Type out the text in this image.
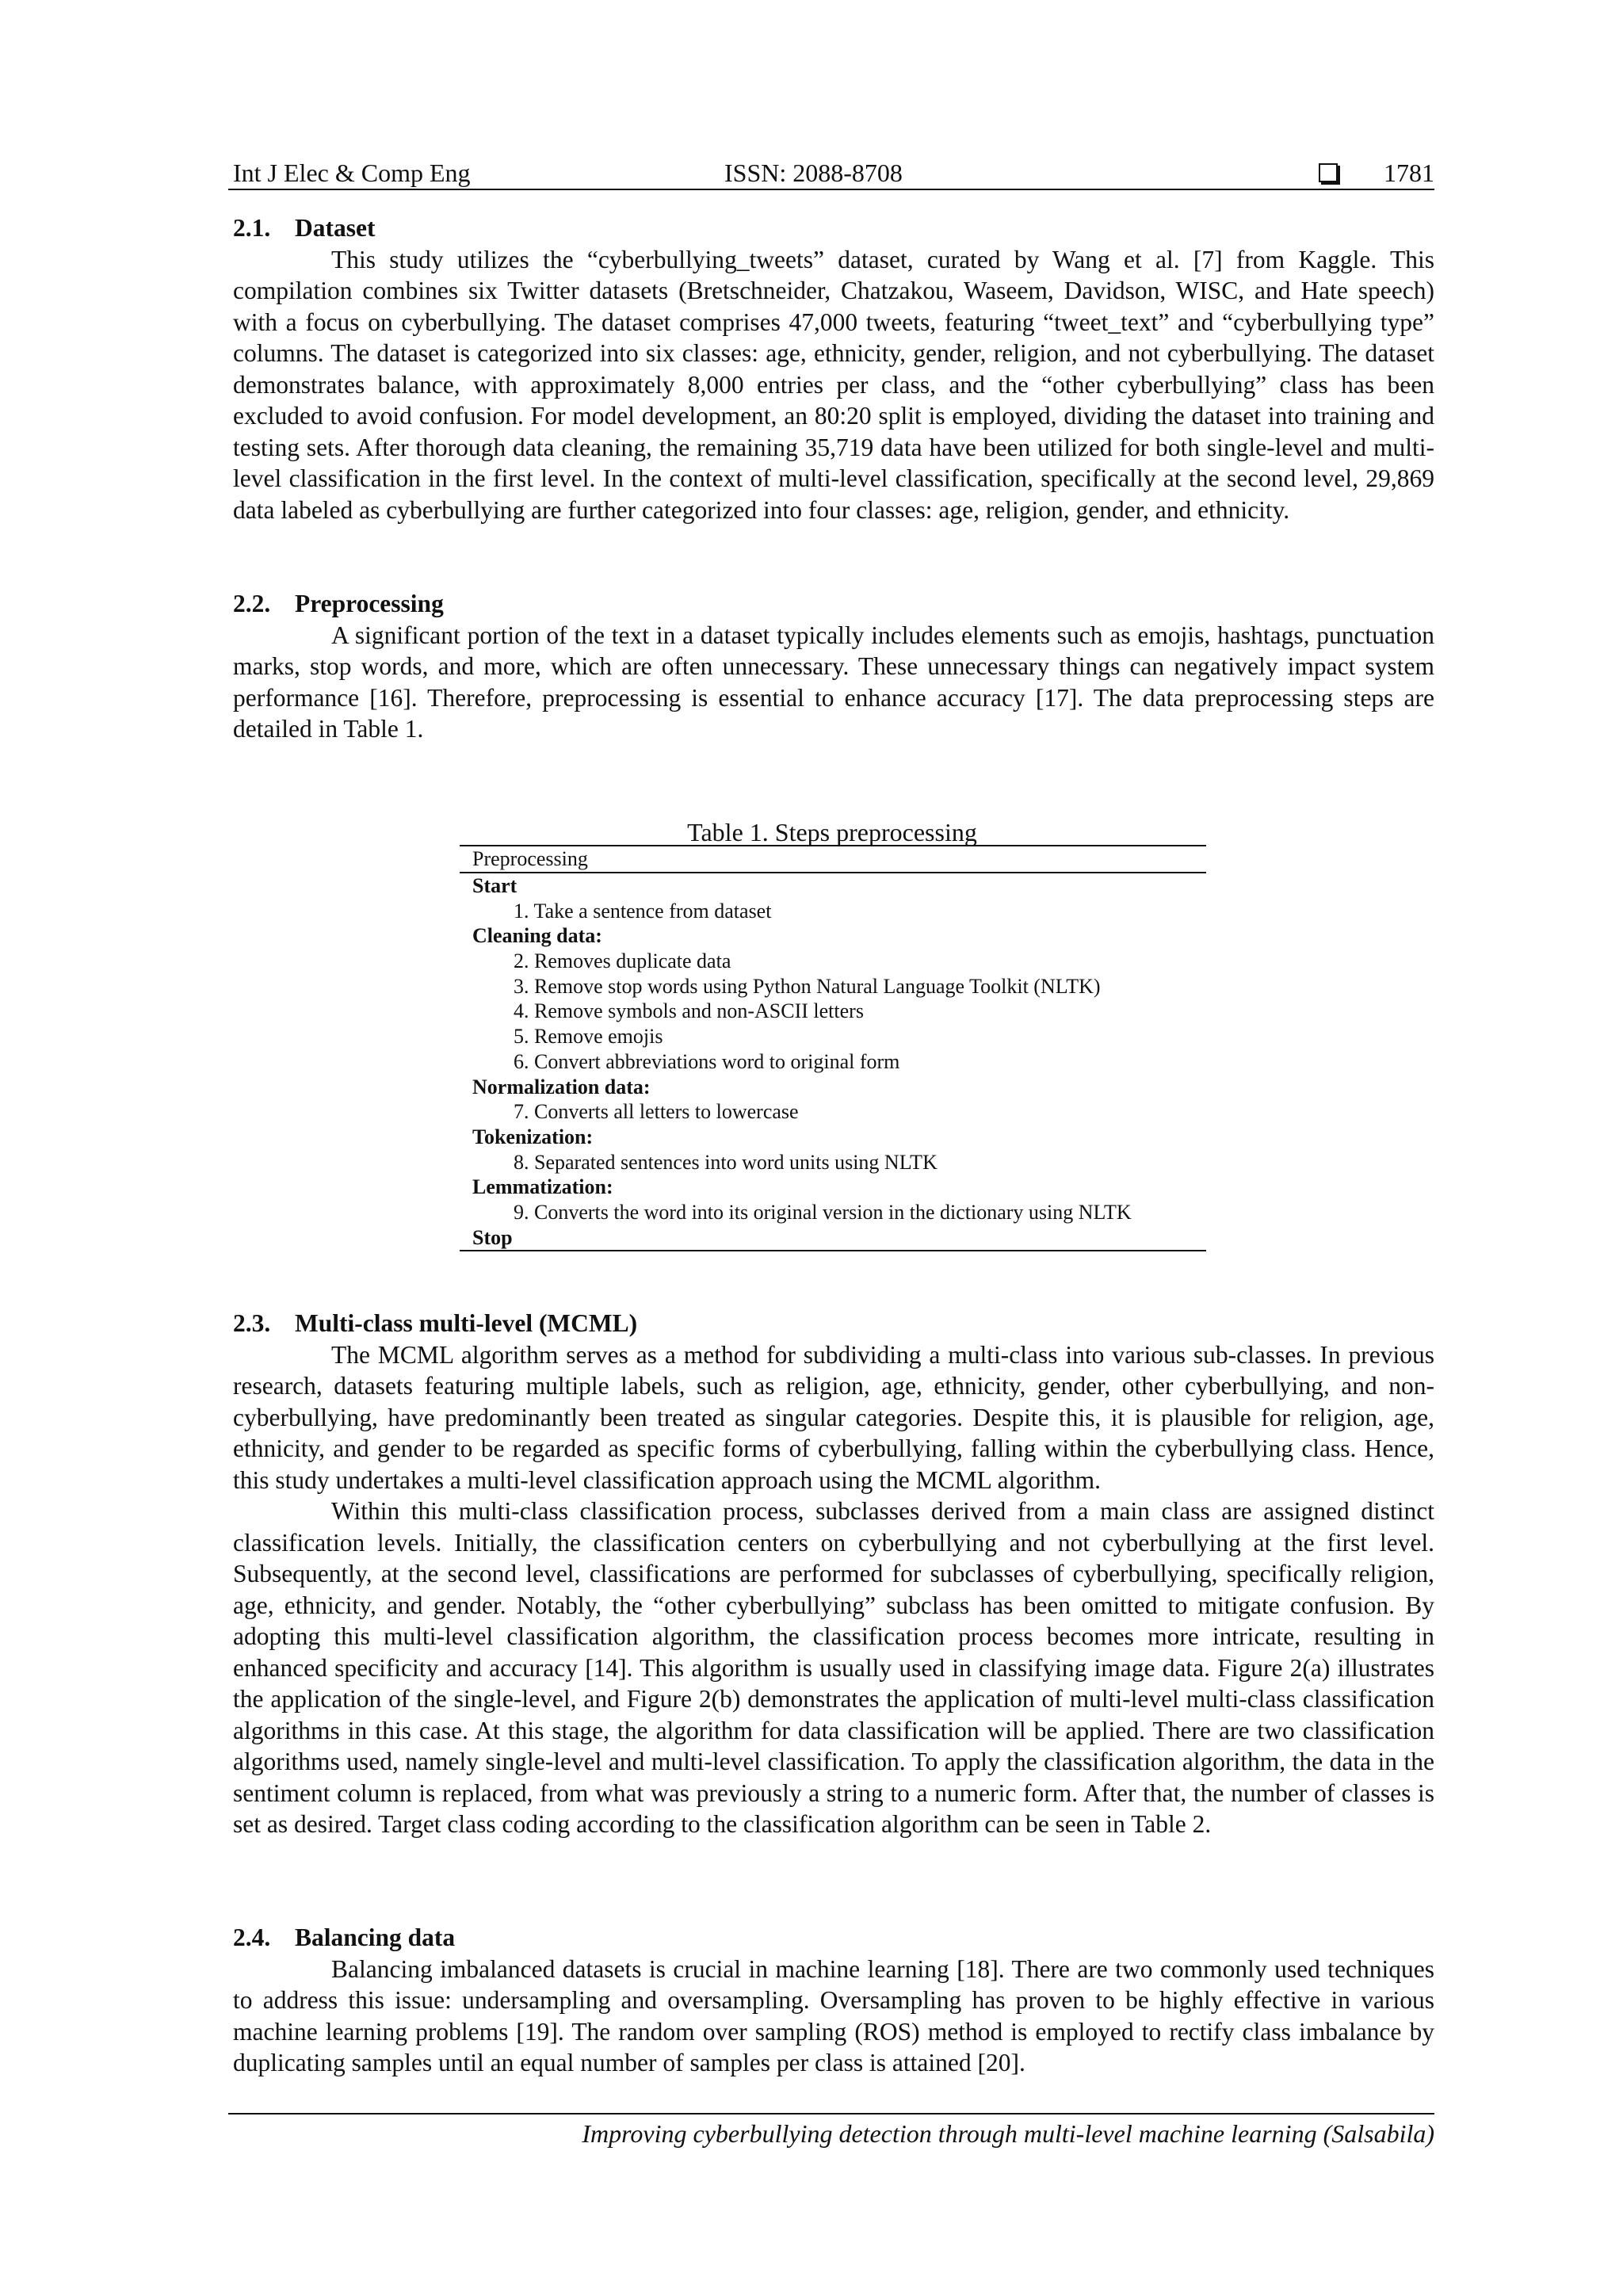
Int J Elec & Comp Eng	ISSN: 2088-8708	1781
2.1. Dataset

This study utilizes the “cyberbullying_tweets” dataset, curated by Wang et al. [7] from Kaggle. This compilation combines six Twitter datasets (Bretschneider, Chatzakou, Waseem, Davidson, WISC, and Hate speech) with a focus on cyberbullying. The dataset comprises 47,000 tweets, featuring “tweet_text” and “cyberbullying type” columns. The dataset is categorized into six classes: age, ethnicity, gender, religion, and not cyberbullying. The dataset demonstrates balance, with approximately 8,000 entries per class, and the “other cyberbullying” class has been excluded to avoid confusion. For model development, an 80:20 split is employed, dividing the dataset into training and testing sets. After thorough data cleaning, the remaining 35,719 data have been utilized for both single-level and multi-level classification in the first level. In the context of multi-level classification, specifically at the second level, 29,869 data labeled as cyberbullying are further categorized into four classes: age, religion, gender, and ethnicity.

2.2. Preprocessing

A significant portion of the text in a dataset typically includes elements such as emojis, hashtags, punctuation marks, stop words, and more, which are often unnecessary. These unnecessary things can negatively impact system performance [16]. Therefore, preprocessing is essential to enhance accuracy [17]. The data preprocessing steps are detailed in Table 1.

Table 1. Steps preprocessing
Preprocessing
Start
1. Take a sentence from dataset
Cleaning data:
2. Removes duplicate data
3. Remove stop words using Python Natural Language Toolkit (NLTK)
4. Remove symbols and non-ASCII letters
5. Remove emojis
6. Convert abbreviations word to original form
Normalization data:
7. Converts all letters to lowercase
Tokenization:
8. Separated sentences into word units using NLTK
Lemmatization:
9. Converts the word into its original version in the dictionary using NLTK
Stop
2.3. Multi-class multi-level (MCML)

The MCML algorithm serves as a method for subdividing a multi-class into various sub-classes. In previous research, datasets featuring multiple labels, such as religion, age, ethnicity, gender, other cyberbullying, and non-cyberbullying, have predominantly been treated as singular categories. Despite this, it is plausible for religion, age, ethnicity, and gender to be regarded as specific forms of cyberbullying, falling within the cyberbullying class. Hence, this study undertakes a multi-level classification approach using the MCML algorithm.

Within this multi-class classification process, subclasses derived from a main class are assigned distinct classification levels. Initially, the classification centers on cyberbullying and not cyberbullying at the first level. Subsequently, at the second level, classifications are performed for subclasses of cyberbullying, specifically religion, age, ethnicity, and gender. Notably, the “other cyberbullying” subclass has been omitted to mitigate confusion. By adopting this multi-level classification algorithm, the classification process becomes more intricate, resulting in enhanced specificity and accuracy [14]. This algorithm is usually used in classifying image data. Figure 2(a) illustrates the application of the single-level, and Figure 2(b) demonstrates the application of multi-level multi-class classification algorithms in this case. At this stage, the algorithm for data classification will be applied. There are two classification algorithms used, namely single-level and multi-level classification. To apply the classification algorithm, the data in the sentiment column is replaced, from what was previously a string to a numeric form. After that, the number of classes is set as desired. Target class coding according to the classification algorithm can be seen in Table 2.

2.4. Balancing data

Balancing imbalanced datasets is crucial in machine learning [18]. There are two commonly used techniques to address this issue: undersampling and oversampling. Oversampling has proven to be highly effective in various machine learning problems [19]. The random over sampling (ROS) method is employed to rectify class imbalance by duplicating samples until an equal number of samples per class is attained [20].

Improving cyberbullying detection through multi-level machine learning (Salsabila)
